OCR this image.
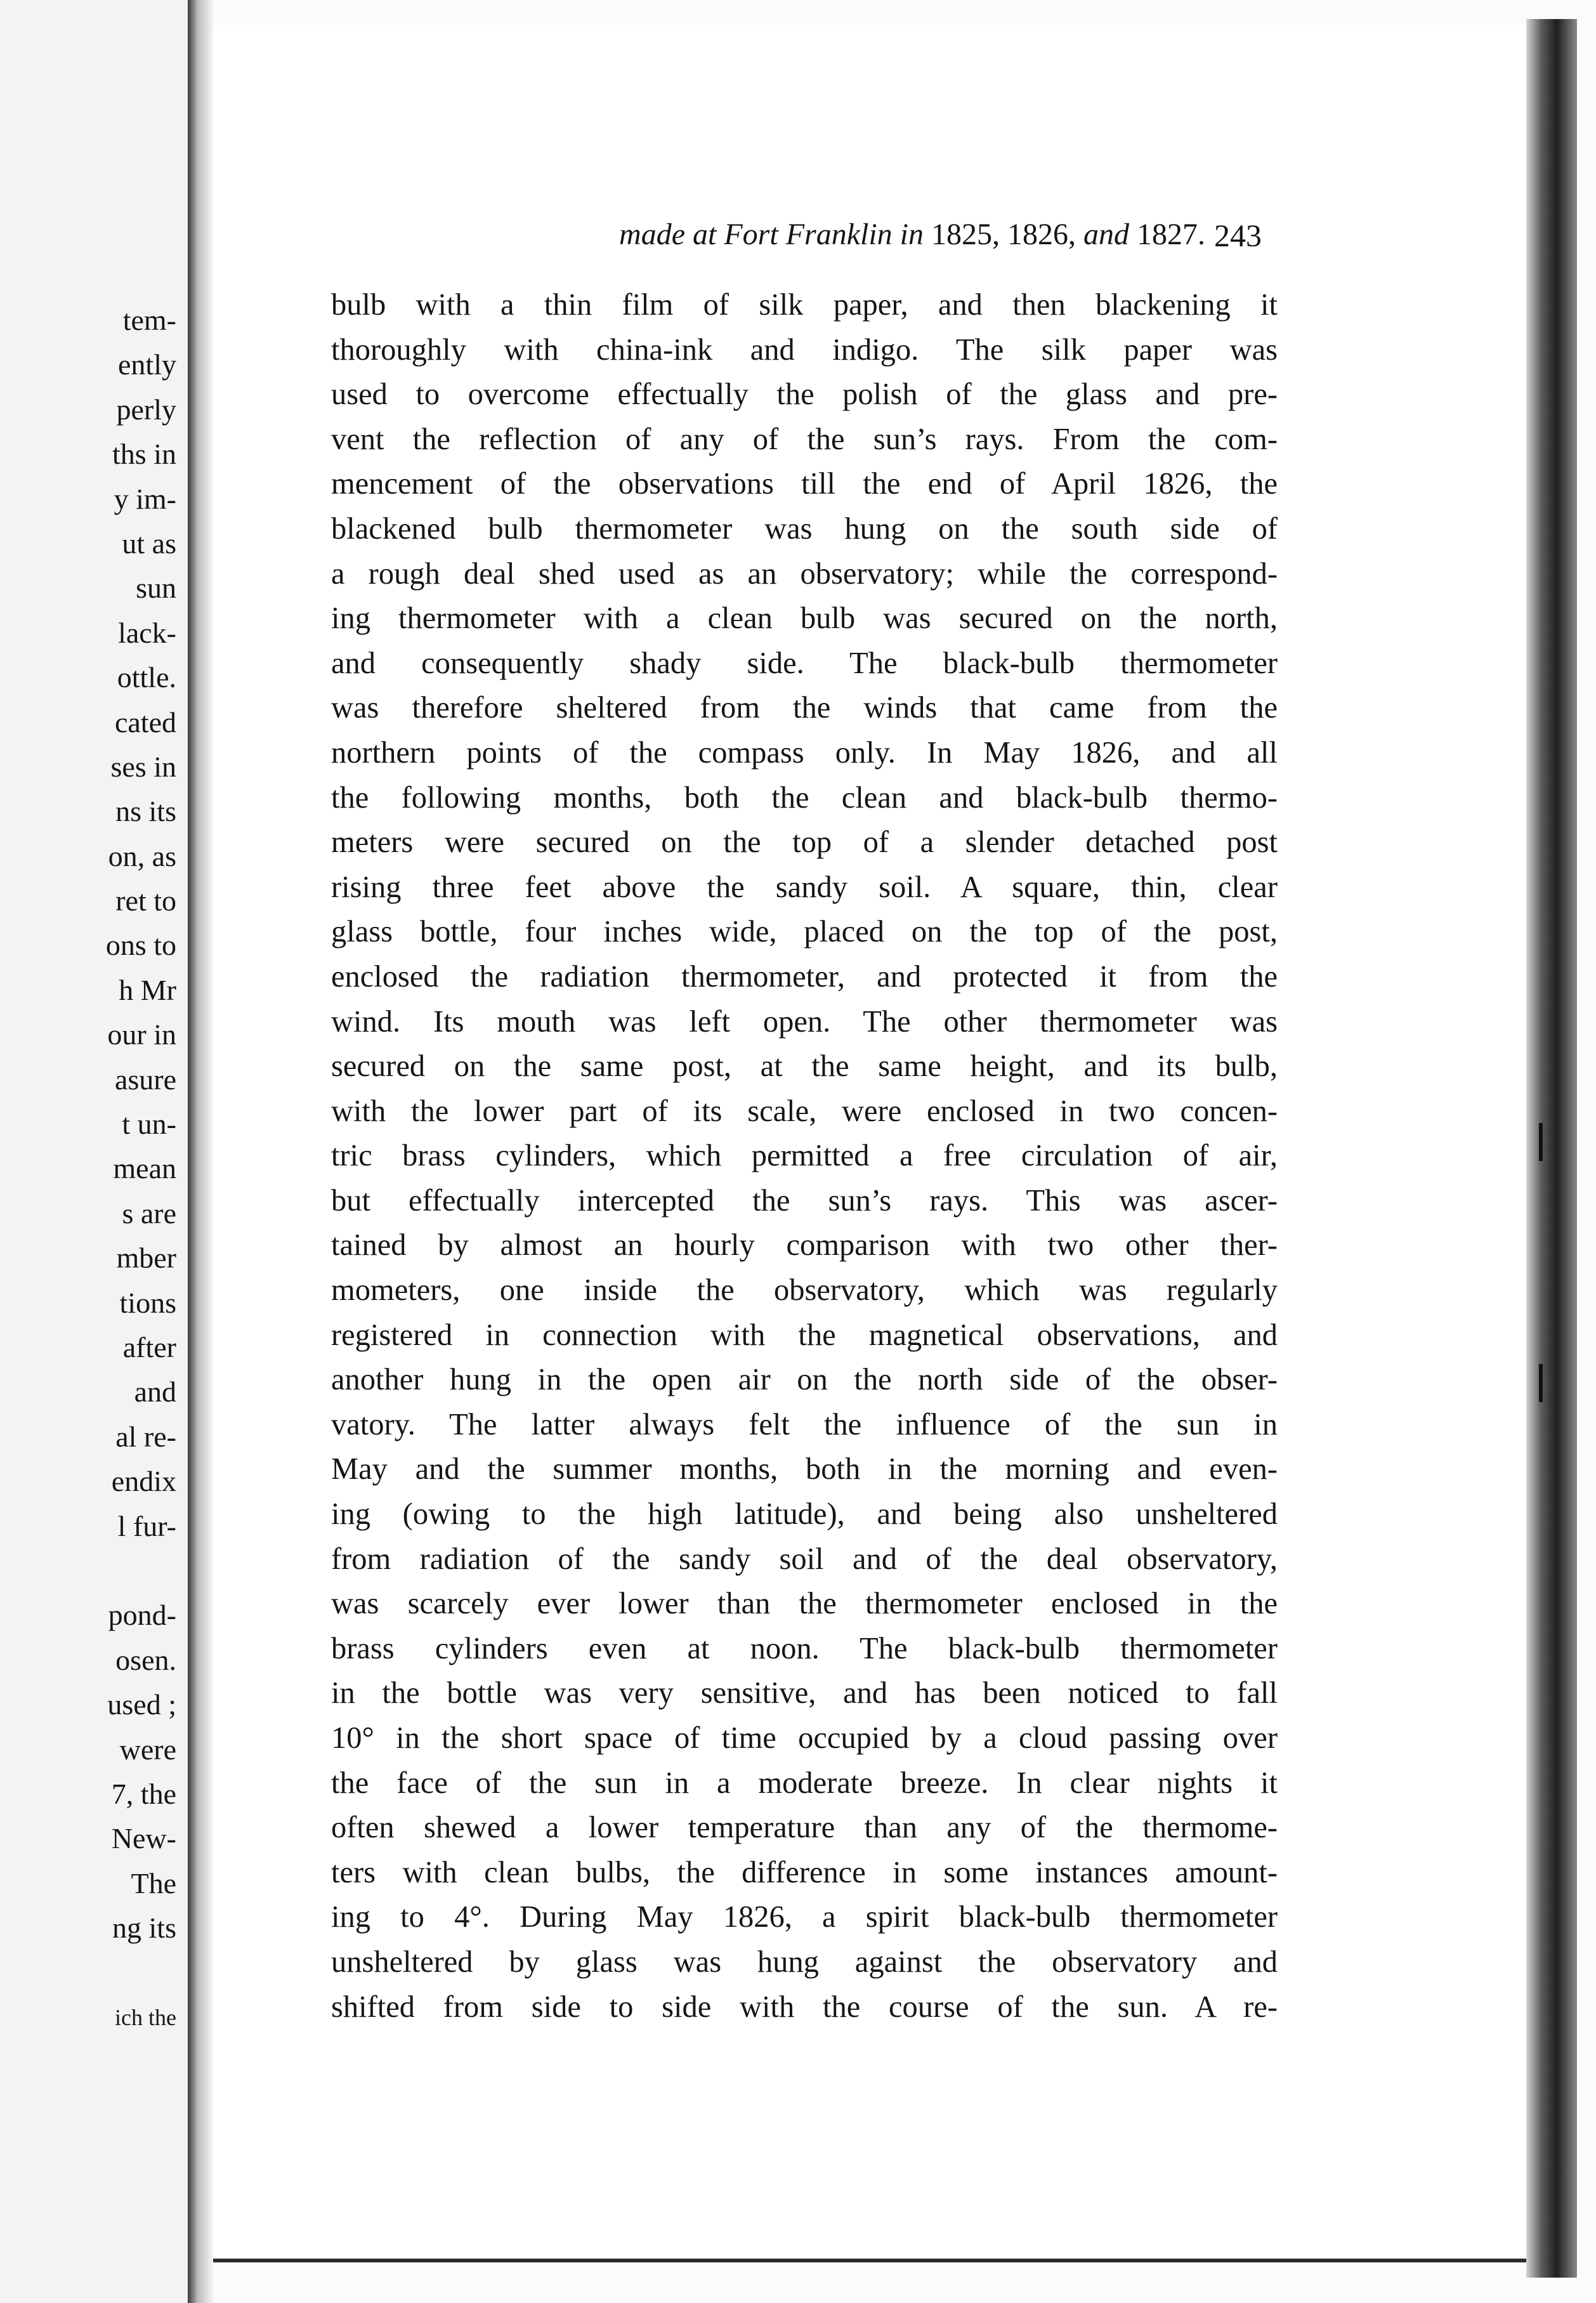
tem-
ently
perly
ths in
y im-
ut as
sun
lack-
ottle.
cated
ses in
ns its
on, as
ret to
ons to
h Mr
our in
asure
t un-
mean
s are
mber
tions
after
and
al re-
endix
l fur-
pond-
osen.
used ;
were
7, the
New-
The
ng its
ich the
made at Fort Franklin in 1825, 1826, and 1827. 243
bulb with a thin film of silk paper, and then blackening it
thoroughly with china-ink and indigo. The silk paper was
used to overcome effectually the polish of the glass and pre-
vent the reflection of any of the sun’s rays. From the com-
mencement of the observations till the end of April 1826, the
blackened bulb thermometer was hung on the south side of
a rough deal shed used as an observatory; while the correspond-
ing thermometer with a clean bulb was secured on the north,
and consequently shady side. The black-bulb thermometer
was therefore sheltered from the winds that came from the
northern points of the compass only. In May 1826, and all
the following months, both the clean and black-bulb thermo-
meters were secured on the top of a slender detached post
rising three feet above the sandy soil. A square, thin, clear
glass bottle, four inches wide, placed on the top of the post,
enclosed the radiation thermometer, and protected it from the
wind. Its mouth was left open. The other thermometer was
secured on the same post, at the same height, and its bulb,
with the lower part of its scale, were enclosed in two concen-
tric brass cylinders, which permitted a free circulation of air,
but effectually intercepted the sun’s rays. This was ascer-
tained by almost an hourly comparison with two other ther-
mometers, one inside the observatory, which was regularly
registered in connection with the magnetical observations, and
another hung in the open air on the north side of the obser-
vatory. The latter always felt the influence of the sun in
May and the summer months, both in the morning and even-
ing (owing to the high latitude), and being also unsheltered
from radiation of the sandy soil and of the deal observatory,
was scarcely ever lower than the thermometer enclosed in the
brass cylinders even at noon. The black-bulb thermometer
in the bottle was very sensitive, and has been noticed to fall
10° in the short space of time occupied by a cloud passing over
the face of the sun in a moderate breeze. In clear nights it
often shewed a lower temperature than any of the thermome-
ters with clean bulbs, the difference in some instances amount-
ing to 4°. During May 1826, a spirit black-bulb thermometer
unsheltered by glass was hung against the observatory and
shifted from side to side with the course of the sun. A re-
